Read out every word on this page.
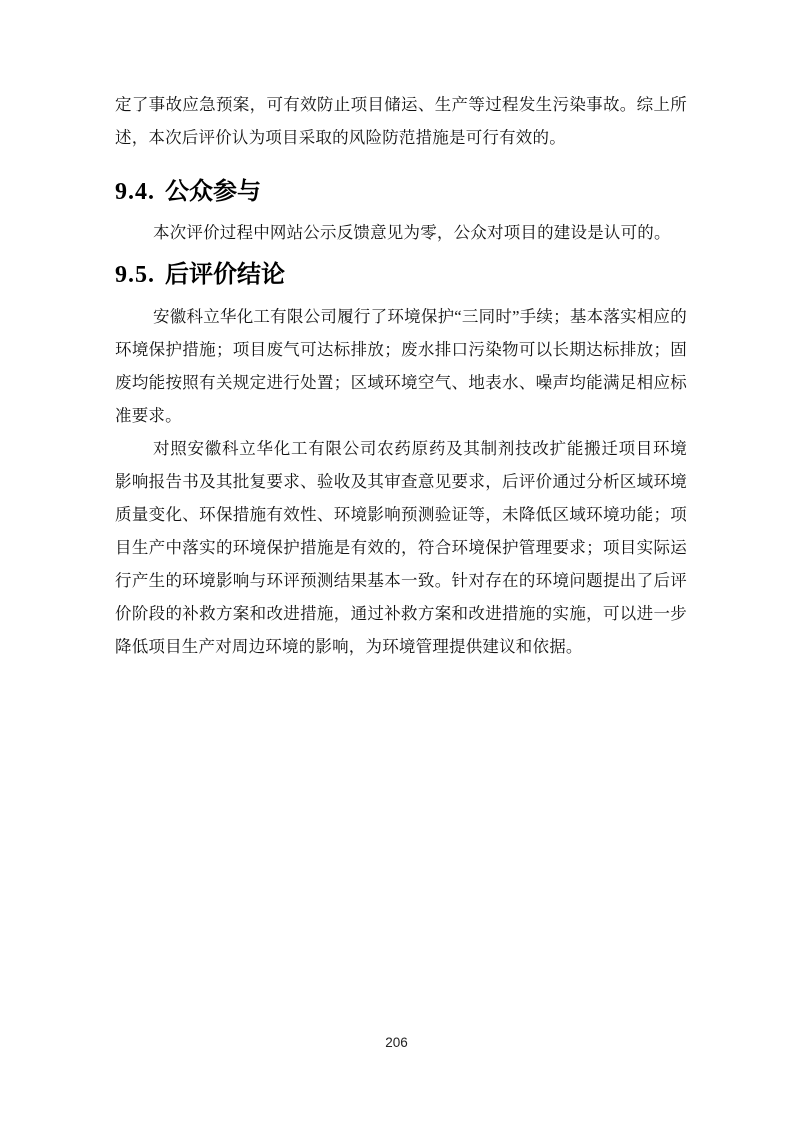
定了事故应急预案，可有效防止项目储运、生产等过程发生污染事故。综上所述，本次后评价认为项目采取的风险防范措施是可行有效的。

9.4. 公众参与

本次评价过程中网站公示反馈意见为零，公众对项目的建设是认可的。

9.5. 后评价结论

安徽科立华化工有限公司履行了环境保护“三同时”手续；基本落实相应的环境保护措施；项目废气可达标排放；废水排口污染物可以长期达标排放；固废均能按照有关规定进行处置；区域环境空气、地表水、噪声均能满足相应标准要求。

对照安徽科立华化工有限公司农药原药及其制剂技改扩能搬迁项目环境影响报告书及其批复要求、验收及其审查意见要求，后评价通过分析区域环境质量变化、环保措施有效性、环境影响预测验证等，未降低区域环境功能；项目生产中落实的环境保护措施是有效的，符合环境保护管理要求；项目实际运行产生的环境影响与环评预测结果基本一致。针对存在的环境问题提出了后评价阶段的补救方案和改进措施，通过补救方案和改进措施的实施，可以进一步降低项目生产对周边环境的影响，为环境管理提供建议和依据。

206
